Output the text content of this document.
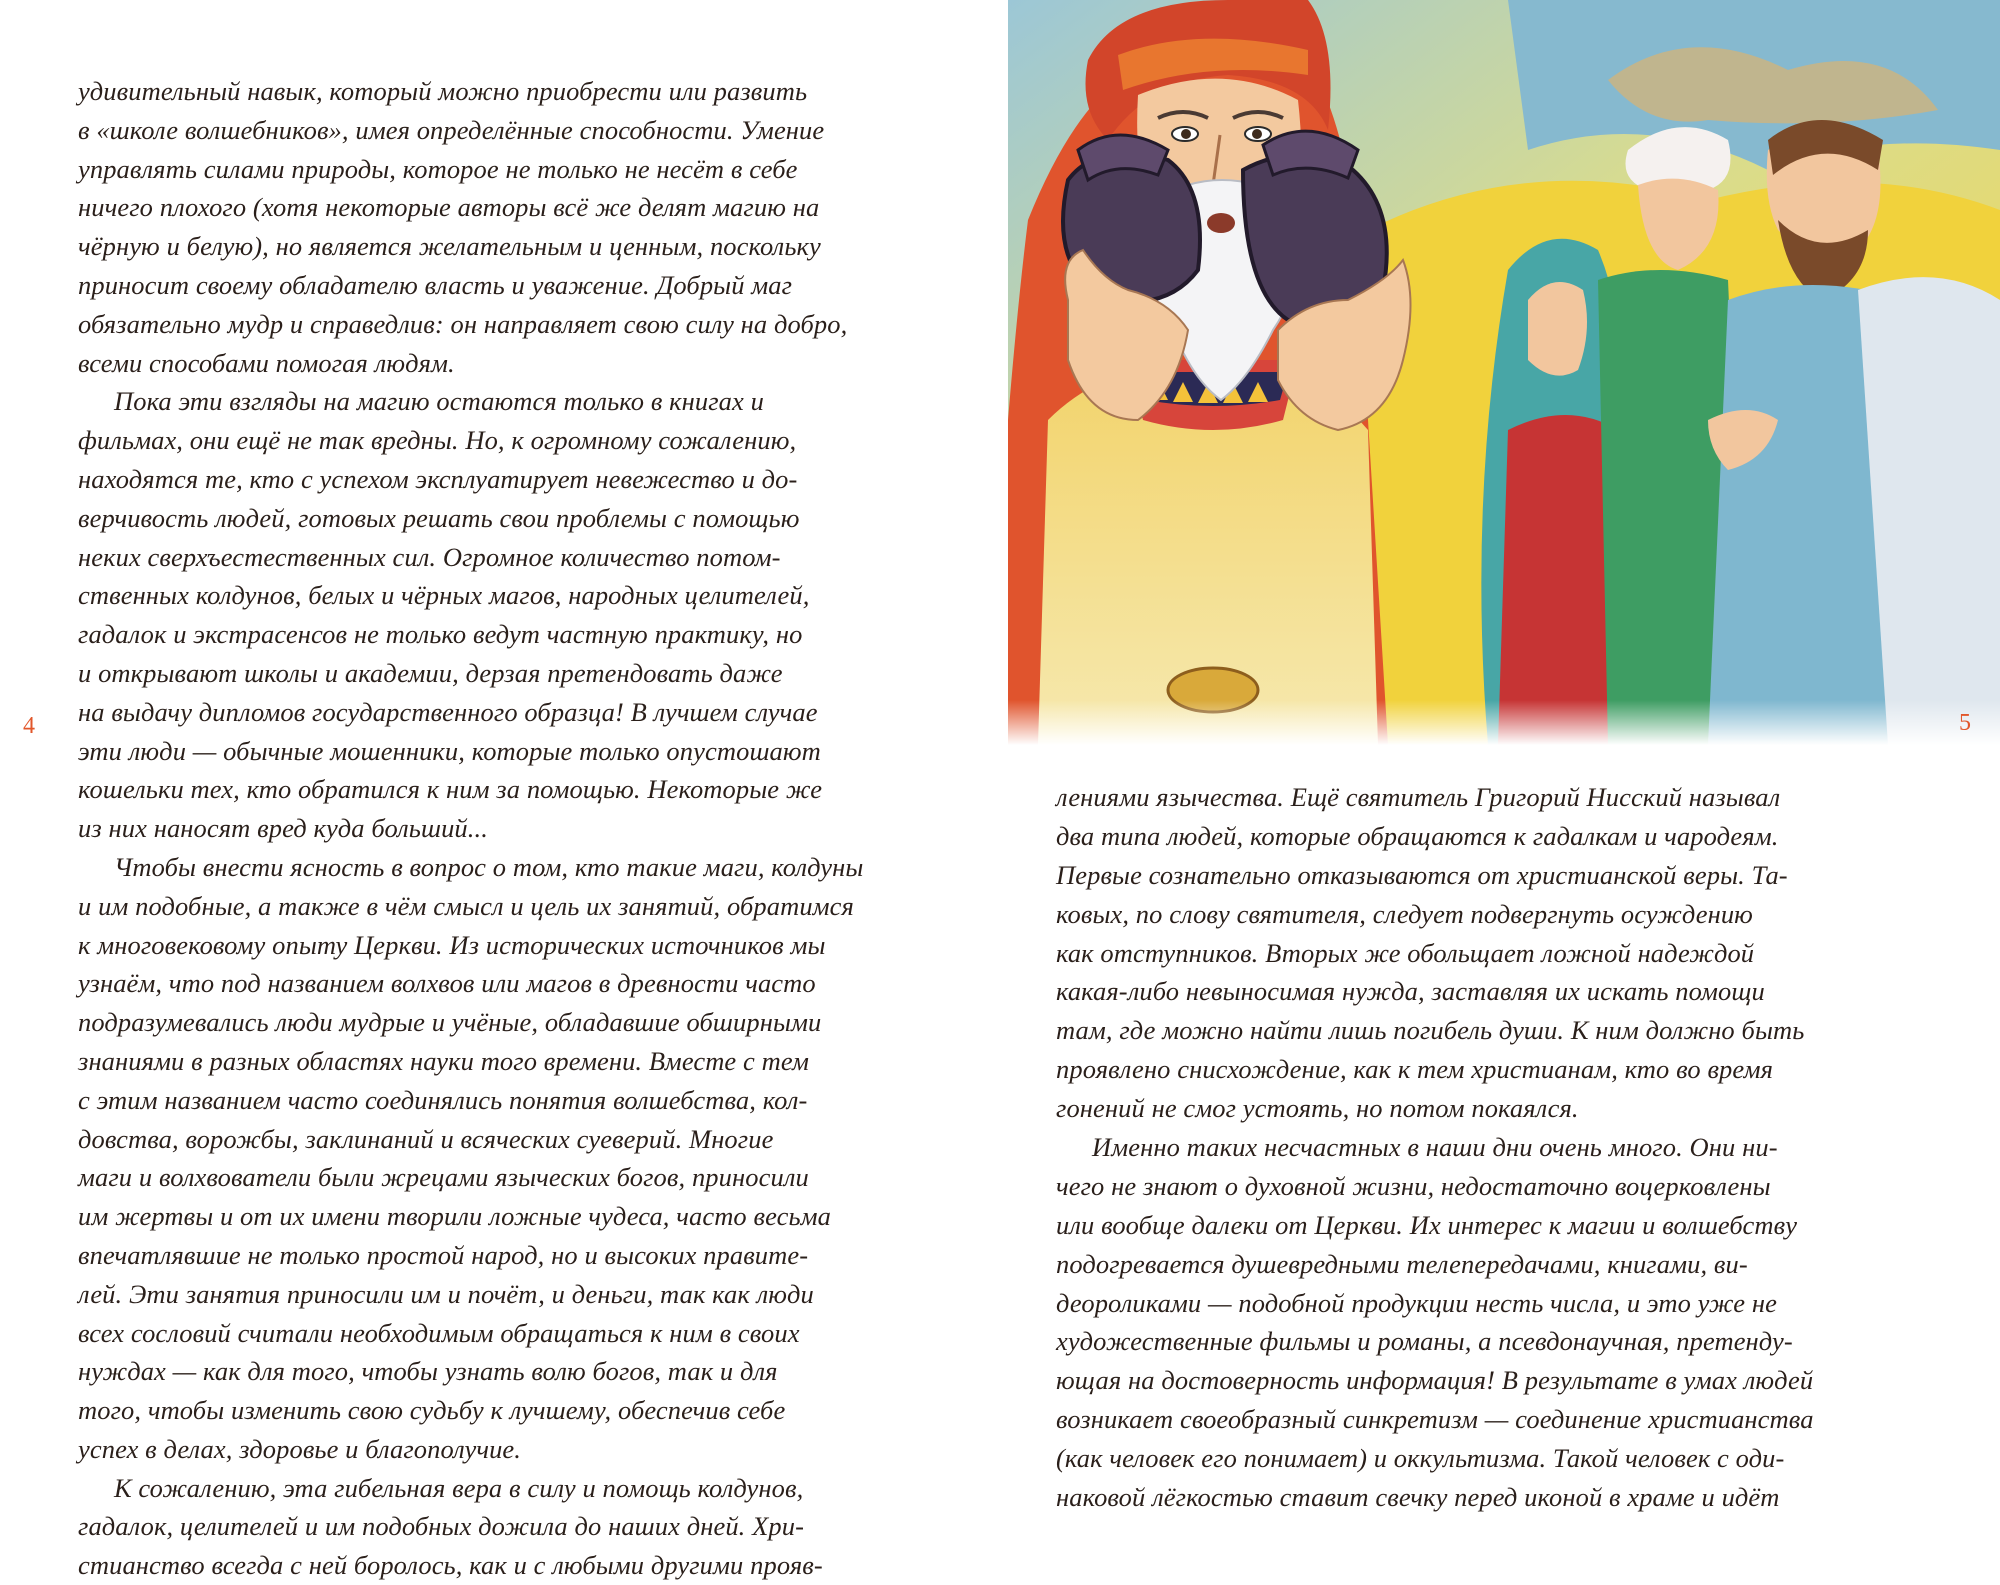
4
удивительный навык, который можно приобрести или развить
в «школе волшебников», имея определённые способности. Умение
управлять силами природы, которое не только не несёт в себе
ничего плохого (хотя некоторые авторы всё же делят магию на
чёрную и белую), но является желательным и ценным, поскольку
приносит своему обладателю власть и уважение. Добрый маг
обязательно мудр и справедлив: он направляет свою силу на добро,
всеми способами помогая людям.
Пока эти взгляды на магию остаются только в книгах и
фильмах, они ещё не так вредны. Но, к огромному сожалению,
находятся те, кто с успехом эксплуатирует невежество и до-
верчивость людей, готовых решать свои проблемы с помощью
неких сверхъестественных сил. Огромное количество потом-
ственных колдунов, белых и чёрных магов, народных целителей,
гадалок и экстрасенсов не только ведут частную практику, но
и открывают школы и академии, дерзая претендовать даже
на выдачу дипломов государственного образца! В лучшем случае
эти люди — обычные мошенники, которые только опустошают
кошельки тех, кто обратился к ним за помощью. Некоторые же
из них наносят вред куда больший...
Чтобы внести ясность в вопрос о том, кто такие маги, колдуны
и им подобные, а также в чём смысл и цель их занятий, обратимся
к многовековому опыту Церкви. Из исторических источников мы
узнаём, что под названием волхвов или магов в древности часто
подразумевались люди мудрые и учёные, обладавшие обширными
знаниями в разных областях науки того времени. Вместе с тем
с этим названием часто соединялись понятия волшебства, кол-
довства, ворожбы, заклинаний и всяческих суеверий. Многие
маги и волхвователи были жрецами языческих богов, приносили
им жертвы и от их имени творили ложные чудеса, часто весьма
впечатлявшие не только простой народ, но и высоких правите-
лей. Эти занятия приносили им и почёт, и деньги, так как люди
всех сословий считали необходимым обращаться к ним в своих
нуждах — как для того, чтобы узнать волю богов, так и для
того, чтобы изменить свою судьбу к лучшему, обеспечив себе
успех в делах, здоровье и благополучие.
К сожалению, эта гибельная вера в силу и помощь колдунов,
гадалок, целителей и им подобных дожила до наших дней. Хри-
стианство всегда с ней боролось, как и с любыми другими прояв-
лениями язычества. Ещё святитель Григорий Нисский называл
два типа людей, которые обращаются к гадалкам и чародеям.
Первые сознательно отказываются от христианской веры. Та-
ковых, по слову святителя, следует подвергнуть осуждению
как отступников. Вторых же обольщает ложной надеждой
какая-либо невыносимая нужда, заставляя их искать помощи
там, где можно найти лишь погибель души. К ним должно быть
проявлено снисхождение, как к тем христианам, кто во время
гонений не смог устоять, но потом покаялся.
Именно таких несчастных в наши дни очень много. Они ни-
чего не знают о духовной жизни, недостаточно воцерковлены
или вообще далеки от Церкви. Их интерес к магии и волшебству
подогревается душевредными телепередачами, книгами, ви-
деороликами — подобной продукции несть числа, и это уже не
художественные фильмы и романы, а псевдонаучная, претенду-
ющая на достоверность информация! В результате в умах людей
возникает своеобразный синкретизм — соединение христианства
(как человек его понимает) и оккультизма. Такой человек с оди-
наковой лёгкостью ставит свечку перед иконой в храме и идёт
5
